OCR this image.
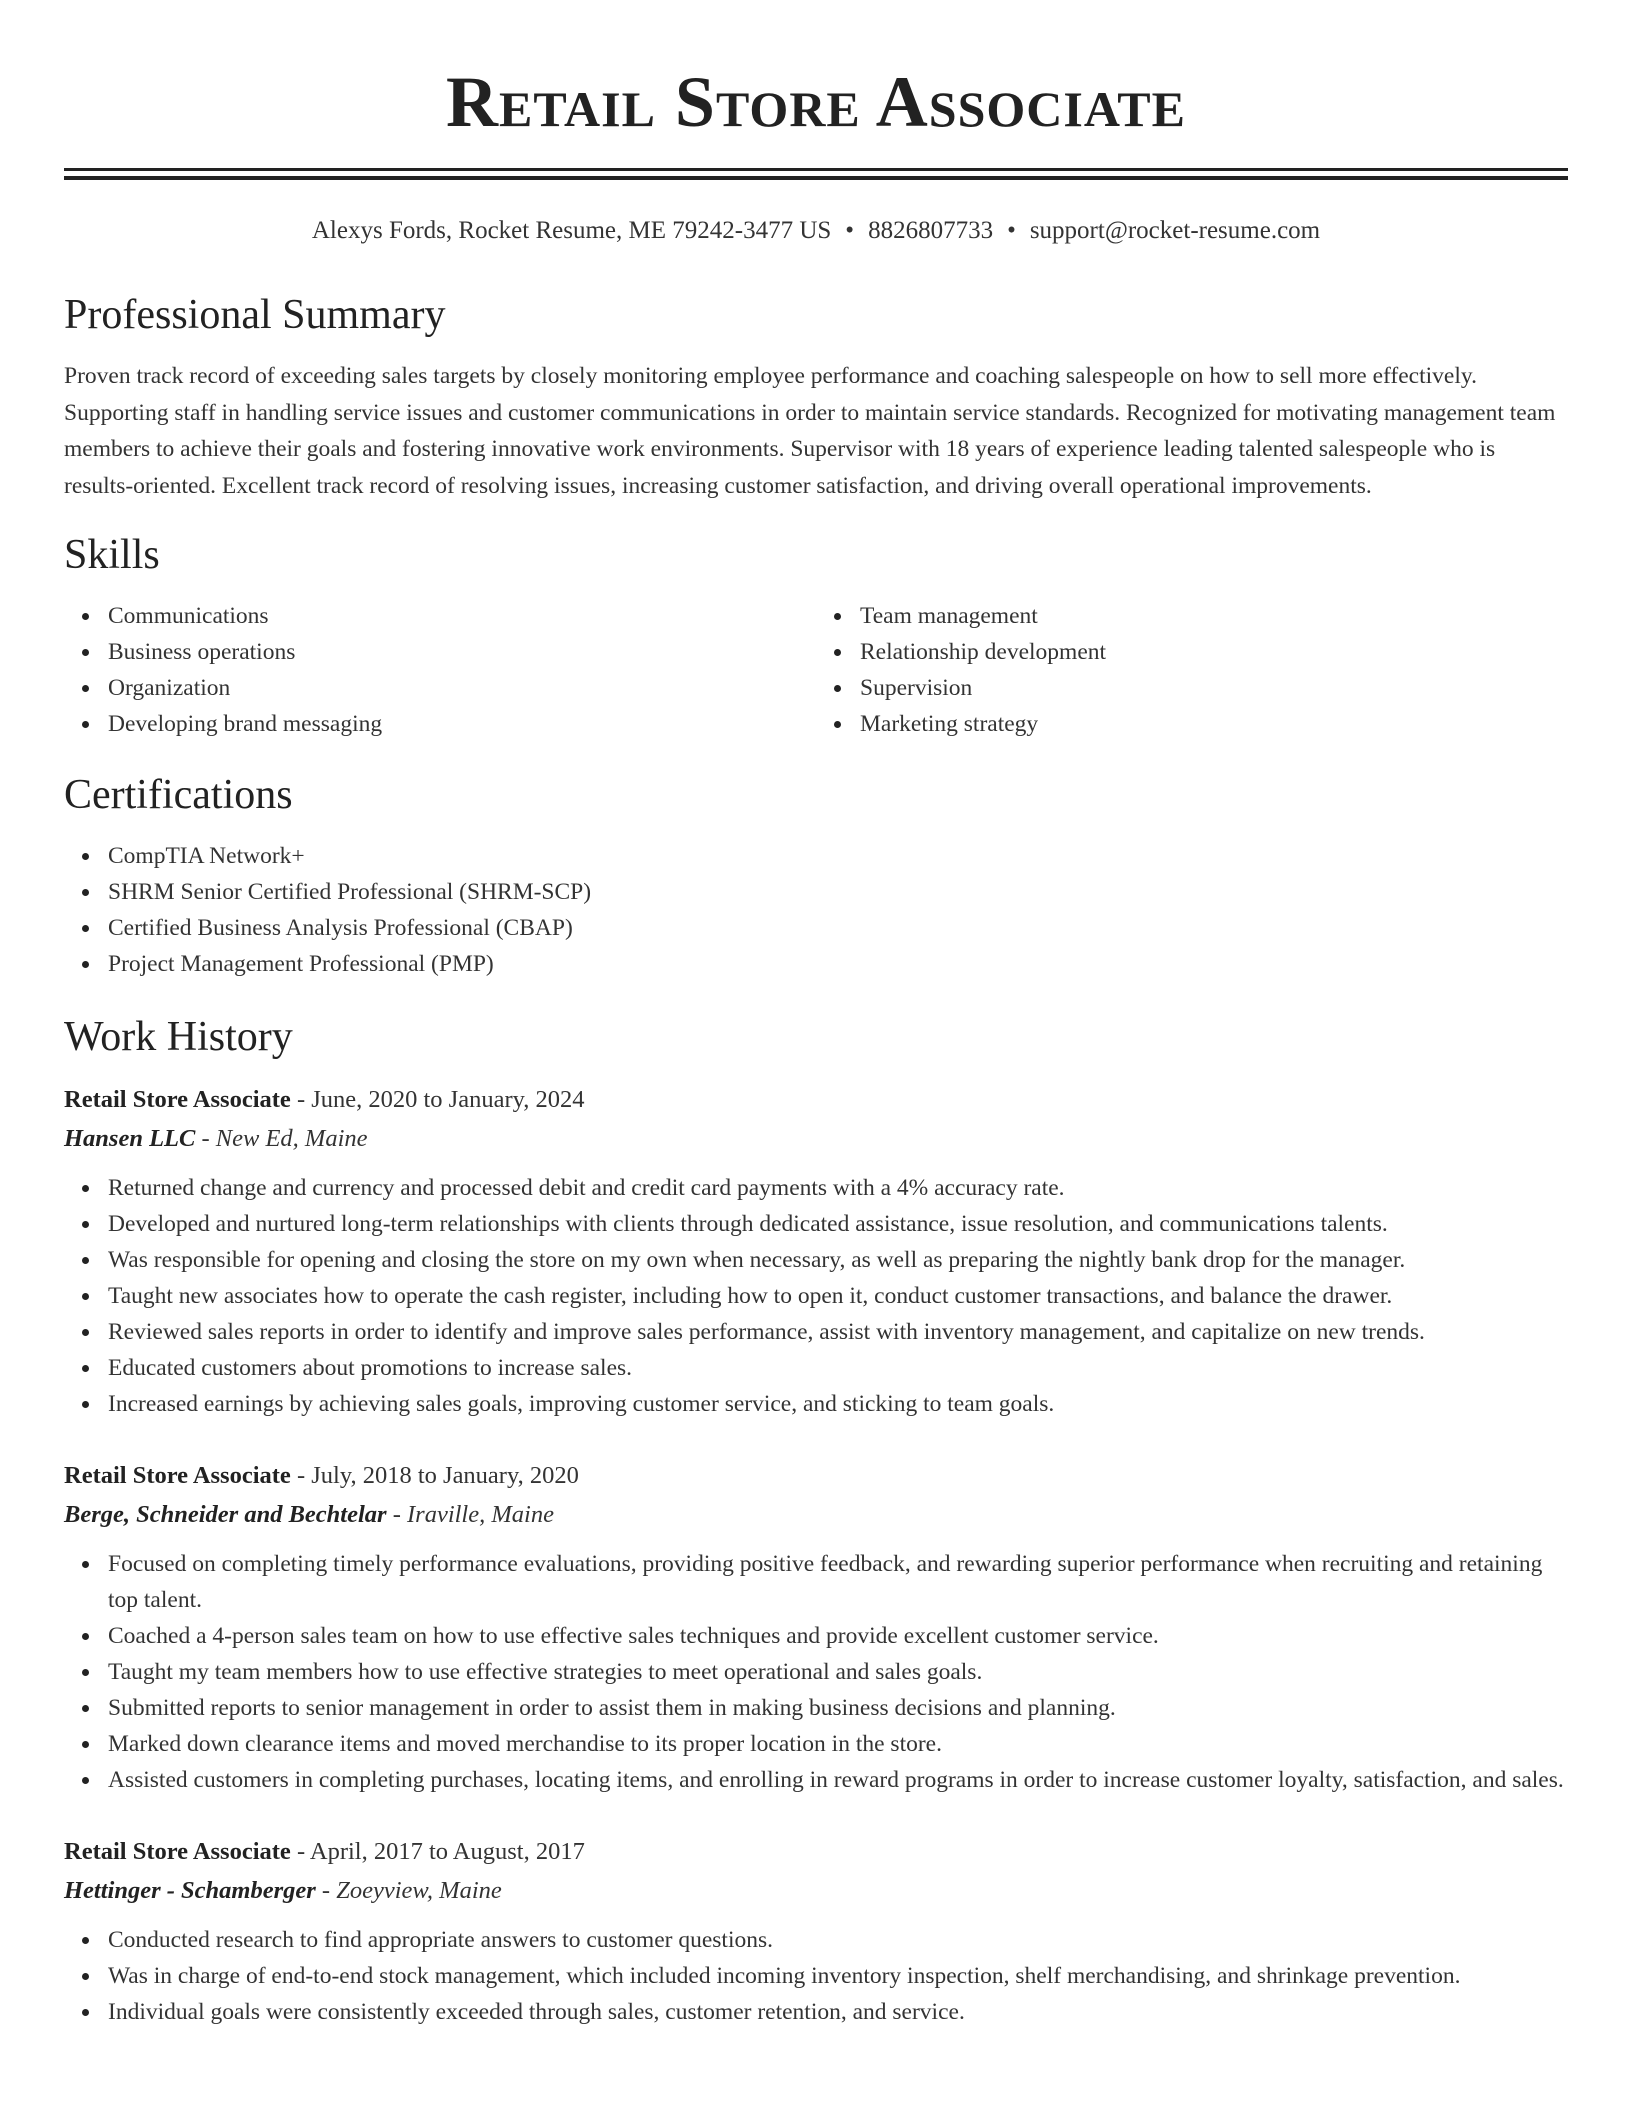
Retail Store Associate
Alexys Fords, Rocket Resume, ME 79242-3477 US • 8826807733 • support@rocket-resume.com
Professional Summary

Proven track record of exceeding sales targets by closely monitoring employee performance and coaching salespeople on how to sell more effectively. Supporting staff in handling service issues and customer communications in order to maintain service standards. Recognized for motivating management team members to achieve their goals and fostering innovative work environments. Supervisor with 18 years of experience leading talented salespeople who is results-oriented. Excellent track record of resolving issues, increasing customer satisfaction, and driving overall operational improvements.

Skills
Communications
Business operations
Organization
Developing brand messaging
Team management
Relationship development
Supervision
Marketing strategy
Certifications
CompTIA Network+
SHRM Senior Certified Professional (SHRM-SCP)
Certified Business Analysis Professional (CBAP)
Project Management Professional (PMP)
Work History
Retail Store Associate - June, 2020 to January, 2024
Hansen LLC - New Ed, Maine
Returned change and currency and processed debit and credit card payments with a 4% accuracy rate.
Developed and nurtured long-term relationships with clients through dedicated assistance, issue resolution, and communications talents.
Was responsible for opening and closing the store on my own when necessary, as well as preparing the nightly bank drop for the manager.
Taught new associates how to operate the cash register, including how to open it, conduct customer transactions, and balance the drawer.
Reviewed sales reports in order to identify and improve sales performance, assist with inventory management, and capitalize on new trends.
Educated customers about promotions to increase sales.
Increased earnings by achieving sales goals, improving customer service, and sticking to team goals.
Retail Store Associate - July, 2018 to January, 2020
Berge, Schneider and Bechtelar - Iraville, Maine
Focused on completing timely performance evaluations, providing positive feedback, and rewarding superior performance when recruiting and retaining top talent.
Coached a 4-person sales team on how to use effective sales techniques and provide excellent customer service.
Taught my team members how to use effective strategies to meet operational and sales goals.
Submitted reports to senior management in order to assist them in making business decisions and planning.
Marked down clearance items and moved merchandise to its proper location in the store.
Assisted customers in completing purchases, locating items, and enrolling in reward programs in order to increase customer loyalty, satisfaction, and sales.
Retail Store Associate - April, 2017 to August, 2017
Hettinger - Schamberger - Zoeyview, Maine
Conducted research to find appropriate answers to customer questions.
Was in charge of end-to-end stock management, which included incoming inventory inspection, shelf merchandising, and shrinkage prevention.
Individual goals were consistently exceeded through sales, customer retention, and service.
